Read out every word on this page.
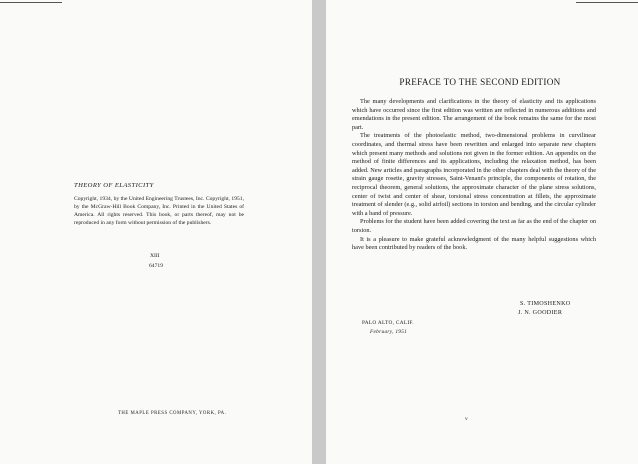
THEORY OF ELASTICITY
Copyright, 1934, by the United Engineering Trustees, Inc. Copyright, 1951, by the McGraw-Hill Book Company, Inc. Printed in the United States of America. All rights reserved. This book, or parts thereof, may not be reproduced in any form without permission of the publishers.
XIII
64719
THE MAPLE PRESS COMPANY, YORK, PA.
PREFACE TO THE SECOND EDITION

The many developments and clarifications in the theory of elasticity and its applications which have occurred since the first edition was written are reflected in numerous additions and emendations in the present edition. The arrangement of the book remains the same for the most part.

The treatments of the photoelastic method, two-dimensional problems in curvilinear coordinates, and thermal stress have been rewritten and enlarged into separate new chapters which present many methods and solutions not given in the former edition. An appendix on the method of finite differences and its applications, including the relaxation method, has been added. New articles and paragraphs incorporated in the other chapters deal with the theory of the strain gauge rosette, gravity stresses, Saint-Venant's principle, the components of rotation, the reciprocal theorem, general solutions, the approximate character of the plane stress solutions, center of twist and center of shear, torsional stress concentration at fillets, the approximate treatment of slender (e.g., solid airfoil) sections in torsion and bending, and the circular cylinder with a band of pressure.

Problems for the student have been added covering the text as far as the end of the chapter on torsion.

It is a pleasure to make grateful acknowledgment of the many helpful suggestions which have been contributed by readers of the book.

S. TIMOSHENKO
J. N. GOODIER
PALO ALTO, CALIF.
February, 1951
v
